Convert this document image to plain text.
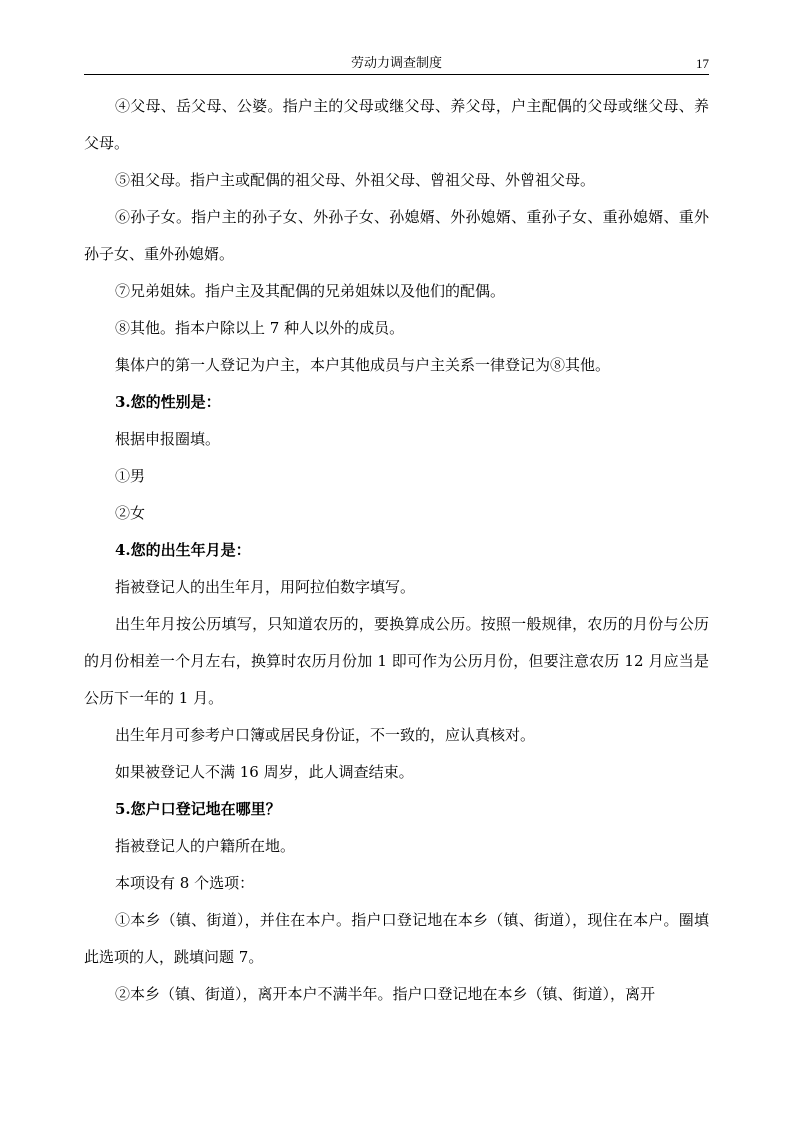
劳动力调查制度	17

④父母、岳父母、公婆。指户主的父母或继父母、养父母，户主配偶的父母或继父母、养父母。

⑤祖父母。指户主或配偶的祖父母、外祖父母、曾祖父母、外曾祖父母。

⑥孙子女。指户主的孙子女、外孙子女、孙媳婿、外孙媳婿、重孙子女、重孙媳婿、重外孙子女、重外孙媳婿。

⑦兄弟姐妹。指户主及其配偶的兄弟姐妹以及他们的配偶。

⑧其他。指本户除以上 7 种人以外的成员。

集体户的第一人登记为户主，本户其他成员与户主关系一律登记为⑧其他。

3.您的性别是：

根据申报圈填。

①男

②女

4.您的出生年月是：

指被登记人的出生年月，用阿拉伯数字填写。

出生年月按公历填写，只知道农历的，要换算成公历。按照一般规律，农历的月份与公历的月份相差一个月左右，换算时农历月份加 1 即可作为公历月份，但要注意农历 12 月应当是公历下一年的 1 月。

出生年月可参考户口簿或居民身份证，不一致的，应认真核对。

如果被登记人不满 16 周岁，此人调查结束。

5.您户口登记地在哪里？

指被登记人的户籍所在地。

本项设有 8 个选项：

①本乡（镇、街道），并住在本户。指户口登记地在本乡（镇、街道），现住在本户。圈填此选项的人，跳填问题 7。

②本乡（镇、街道），离开本户不满半年。指户口登记地在本乡（镇、街道），离开
